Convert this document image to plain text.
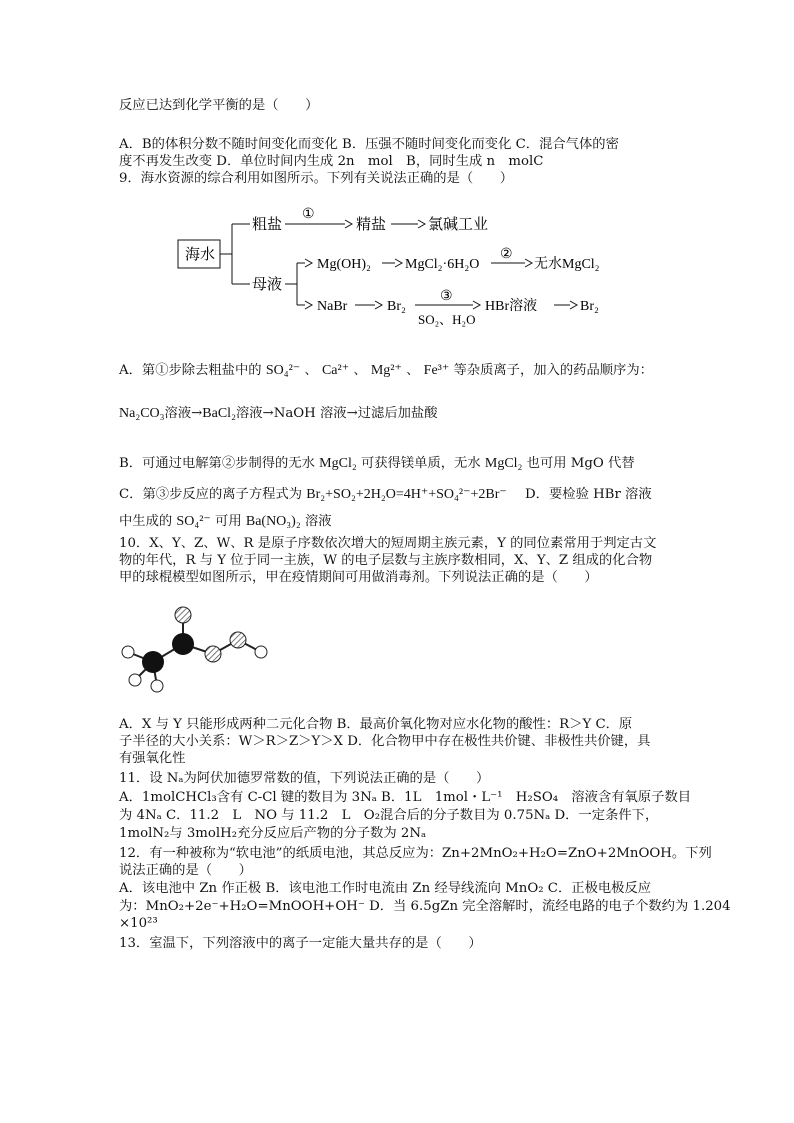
反应已达到化学平衡的是（　　）
A．B的体积分数不随时间变化而变化 B．压强不随时间变化而变化 C．混合气体的密
度不再发生改变 D．单位时间内生成 2n　mol　B，同时生成 n　molC
9．海水资源的综合利用如图所示。下列有关说法正确的是（　　）
海水
粗盐
①
精盐	氯碱工业
母液
Mg(OH)₂ MgCl₂·6H₂O
②
无水MgCl₂
NaBr	Br₂
③
SO₂、H₂O
HBr溶液	Br₂
A．第①步除去粗盐中的 SO₄²⁻ 、 Ca²⁺ 、 Mg²⁺ 、 Fe³⁺ 等杂质离子，加入的药品顺序为：
Na₂CO₃溶液→BaCl₂溶液→NaOH 溶液→过滤后加盐酸
B．可通过电解第②步制得的无水 MgCl₂ 可获得镁单质，无水 MgCl₂ 也可用 MgO 代替
C．第③步反应的离子方程式为 Br₂+SO₂+2H₂O=4H⁺+SO₄²⁻+2Br⁻ D．要检验 HBr 溶液
中生成的 SO₄²⁻ 可用 Ba(NO₃)₂ 溶液
10．X、Y、Z、W、R 是原子序数依次增大的短周期主族元素，Y 的同位素常用于判定古文
物的年代，R 与 Y 位于同一主族，W 的电子层数与主族序数相同，X、Y、Z 组成的化合物
甲的球棍模型如图所示，甲在疫情期间可用做消毒剂。下列说法正确的是（　　）
A．X 与 Y 只能形成两种二元化合物 B．最高价氧化物对应水化物的酸性：R＞Y C．原
子半径的大小关系：W＞R＞Z＞Y＞X D．化合物甲中存在极性共价键、非极性共价键，具
有强氧化性
11．设 Nₐ为阿伏加德罗常数的值，下列说法正确的是（　　）
A．1molCHCl₃含有 C-Cl 键的数目为 3Nₐ B．1L　1mol・L⁻¹　H₂SO₄　溶液含有氧原子数目
为 4Nₐ C．11.2　L　NO 与 11.2　L　O₂混合后的分子数目为 0.75Nₐ D．一定条件下，
1molN₂与 3molH₂充分反应后产物的分子数为 2Nₐ
12．有一种被称为“软电池”的纸质电池，其总反应为：Zn+2MnO₂+H₂O=ZnO+2MnOOH。下列
说法正确的是（　　）
A．该电池中 Zn 作正极 B．该电池工作时电流由 Zn 经导线流向 MnO₂ C．正极电极反应
为：MnO₂+2e⁻+H₂O=MnOOH+OH⁻ D．当 6.5gZn 完全溶解时，流经电路的电子个数约为 1.204
×10²³
13．室温下，下列溶液中的离子一定能大量共存的是（　　）
